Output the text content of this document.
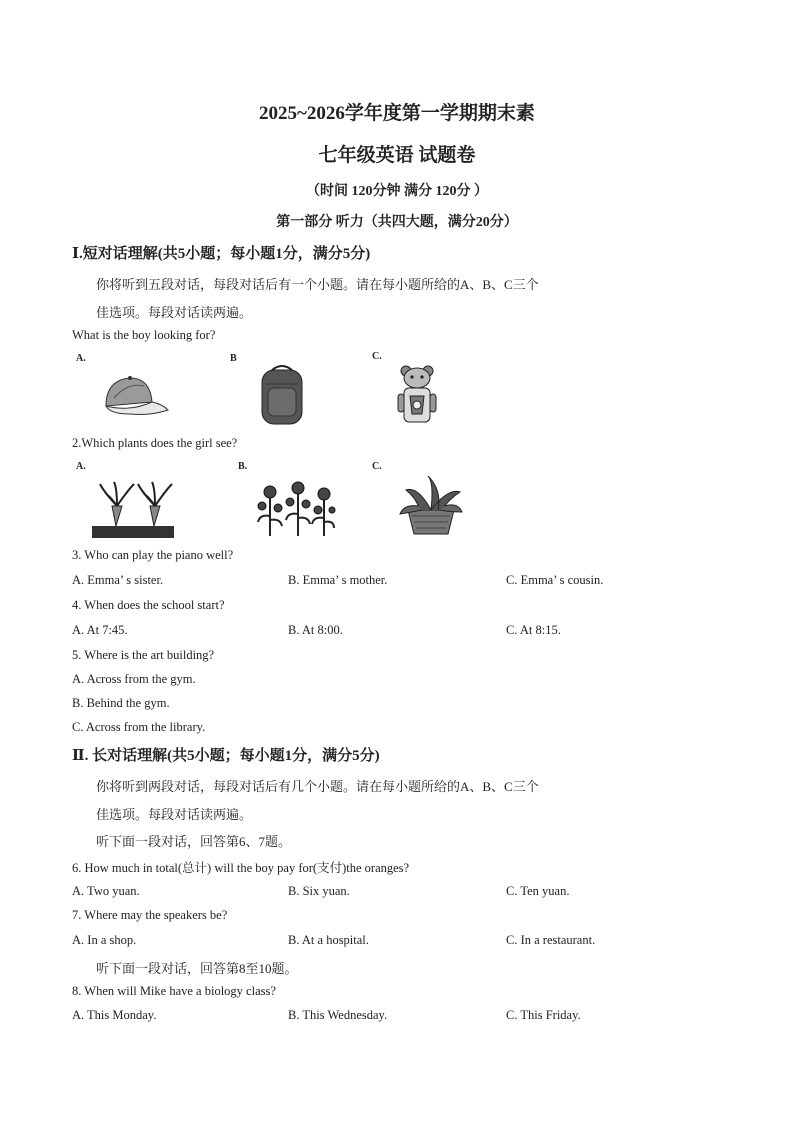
2025~2026学年度第一学期期末素
七年级英语 试题卷
（时间 120分钟 满分 120分 ）
第一部分 听力（共四大题，满分20分）
Ⅰ.短对话理解(共5小题；每小题1分，满分5分)
你将听到五段对话，每段对话后有一个小题。请在每小题所给的A、B、C三个
佳选项。每段对话读两遍。
What is the boy looking for?
A.	B	C.
2.Which plants does the girl see?
A.	B.	C.
3. Who can play the piano well?
A. Emma’ s sister.	B. Emma’ s mother.	C. Emma’ s cousin.
4. When does the school start?
A. At 7:45.	B. At 8:00.	C. At 8:15.
5. Where is the art building?
A. Across from the gym.
B. Behind the gym.
C. Across from the library.
Ⅱ. 长对话理解(共5小题；每小题1分，满分5分)
你将听到两段对话，每段对话后有几个小题。请在每小题所给的A、B、C三个
佳选项。每段对话读两遍。
听下面一段对话，回答第6、7题。
6. How much in total(总计) will the boy pay for(支付)the oranges?
A. Two yuan.	B. Six yuan.	C. Ten yuan.
7. Where may the speakers be?
A. In a shop.	B. At a hospital.	C. In a restaurant.
听下面一段对话，回答第8至10题。
8. When will Mike have a biology class?
A. This Monday.	B. This Wednesday.	C. This Friday.
